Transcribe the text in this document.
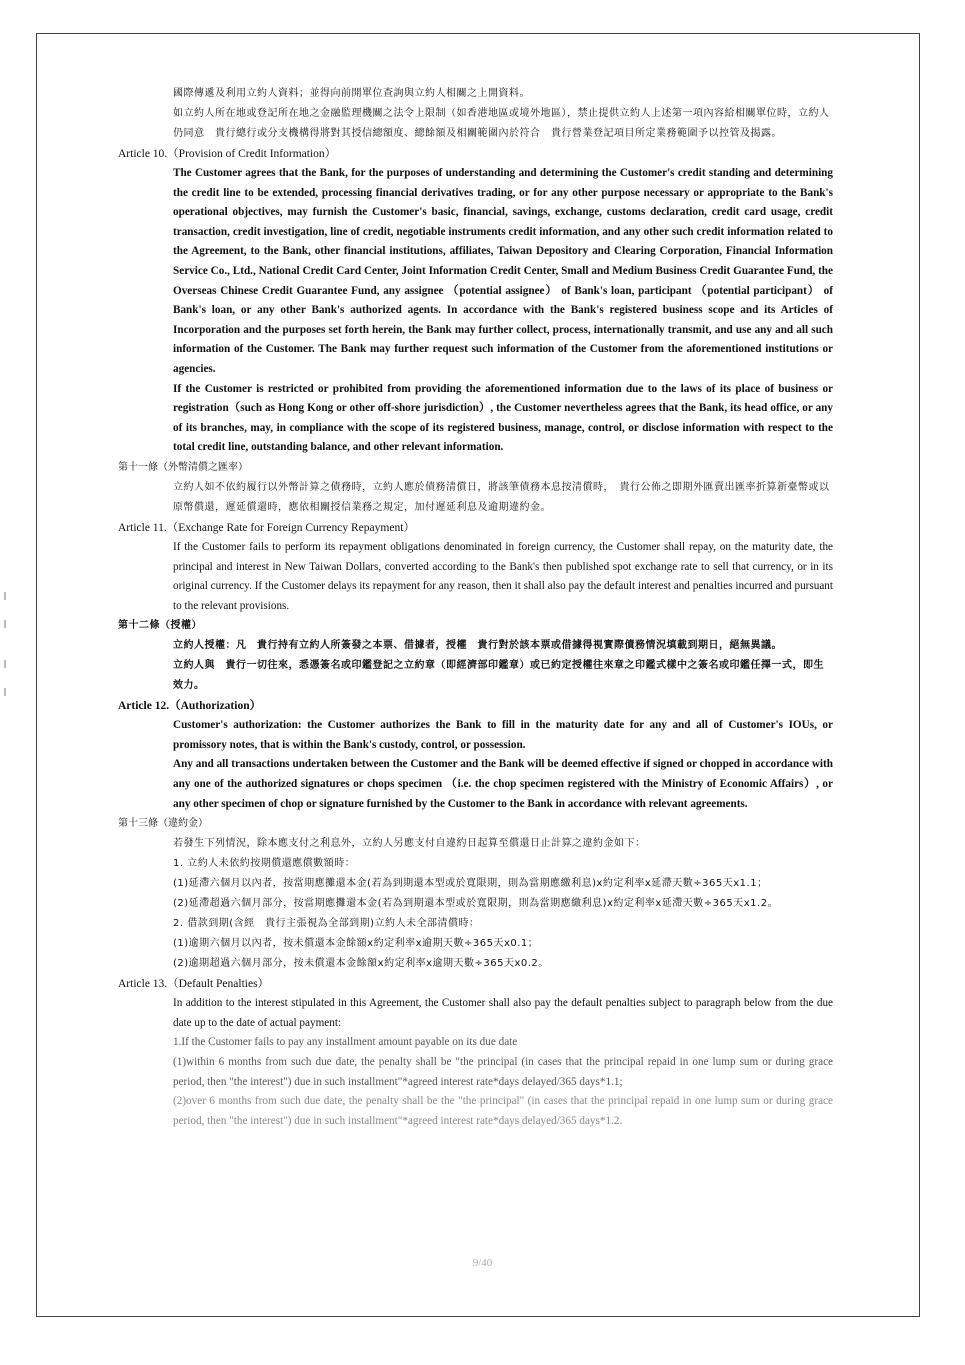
國際傳遞及利用立約人資料；並得向前開單位查詢與立約人相關之上開資料。

如立約人所在地或登記所在地之金融監理機關之法令上限制（如香港地區或境外地區），禁止提供立約人上述第一項內容給相關單位時，立約人仍同意　貴行總行或分支機構得將對其授信總額度、總餘額及相關範圍內於符合　貴行營業登記項目所定業務範圍予以控管及揭露。

Article 10.（Provision of Credit Information）

The Customer agrees that the Bank, for the purposes of understanding and determining the Customer's credit standing and determining the credit line to be extended, processing financial derivatives trading, or for any other purpose necessary or appropriate to the Bank's operational objectives, may furnish the Customer's basic, financial, savings, exchange, customs declaration, credit card usage, credit transaction, credit investigation, line of credit, negotiable instruments credit information, and any other such credit information related to the Agreement, to the Bank, other financial institutions, affiliates, Taiwan Depository and Clearing Corporation, Financial Information Service Co., Ltd., National Credit Card Center, Joint Information Credit Center, Small and Medium Business Credit Guarantee Fund, the Overseas Chinese Credit Guarantee Fund, any assignee （potential assignee） of Bank's loan, participant （potential participant） of Bank's loan, or any other Bank's authorized agents. In accordance with the Bank's registered business scope and its Articles of Incorporation and the purposes set forth herein, the Bank may further collect, process, internationally transmit, and use any and all such information of the Customer. The Bank may further request such information of the Customer from the aforementioned institutions or agencies.

If the Customer is restricted or prohibited from providing the aforementioned information due to the laws of its place of business or registration（such as Hong Kong or other off-shore jurisdiction）, the Customer nevertheless agrees that the Bank, its head office, or any of its branches, may, in compliance with the scope of its registered business, manage, control, or disclose information with respect to the total credit line, outstanding balance, and other relevant information.

第十一條（外幣清償之匯率）

立約人如不依約履行以外幣計算之債務時，立約人應於債務清償日，將該筆債務本息按清償時，　貴行公佈之即期外匯賣出匯率折算新臺幣或以原幣償還，遲延償還時，應依相關授信業務之規定，加付遲延利息及逾期違約金。

Article 11.（Exchange Rate for Foreign Currency Repayment）

If the Customer fails to perform its repayment obligations denominated in foreign currency, the Customer shall repay, on the maturity date, the principal and interest in New Taiwan Dollars, converted according to the Bank's then published spot exchange rate to sell that currency, or in its original currency. If the Customer delays its repayment for any reason, then it shall also pay the default interest and penalties incurred and pursuant to the relevant provisions.

第十二條（授權）

立約人授權：凡　貴行持有立約人所簽發之本票、借據者，授權　貴行對於該本票或借據得視實際債務情況填載到期日，絕無異議。

立約人與　貴行一切往來，悉憑簽名或印鑑登記之立約章（即經濟部印鑑章）或已約定授權往來章之印鑑式樣中之簽名或印鑑任擇一式，即生效力。

Article 12.（Authorization）

Customer's authorization: the Customer authorizes the Bank to fill in the maturity date for any and all of Customer's IOUs, or promissory notes, that is within the Bank's custody, control, or possession.

Any and all transactions undertaken between the Customer and the Bank will be deemed effective if signed or chopped in accordance with any one of the authorized signatures or chops specimen （i.e. the chop specimen registered with the Ministry of Economic Affairs）, or any other specimen of chop or signature furnished by the Customer to the Bank in accordance with relevant agreements.

第十三條（違約金）

若發生下列情況，除本應支付之利息外，立約人另應支付自違約日起算至償還日止計算之違約金如下：

1. 立約人未依約按期償還應償數額時：

(1)延滯六個月以內者，按當期應攤還本金(若為到期還本型或於寬限期，則為當期應繳利息)x約定利率x延滯天數÷365天x1.1；

(2)延滯超過六個月部分，按當期應攤還本金(若為到期還本型或於寬限期，則為當期應繳利息)x約定利率x延滯天數÷365天x1.2。

2. 借款到期(含經　貴行主張視為全部到期)立約人未全部清償時：

(1)逾期六個月以內者，按未償還本金餘額x約定利率x逾期天數÷365天x0.1；

(2)逾期超過六個月部分，按未償還本金餘額x約定利率x逾期天數÷365天x0.2。

Article 13.（Default Penalties）

In addition to the interest stipulated in this Agreement, the Customer shall also pay the default penalties subject to paragraph below from the due date up to the date of actual payment:

1.If the Customer fails to pay any installment amount payable on its due date

(1)within 6 months from such due date, the penalty shall be "the principal (in cases that the principal repaid in one lump sum or during grace period, then "the interest") due in such installment"*agreed interest rate*days delayed/365 days*1.1;

(2)over 6 months from such due date, the penalty shall be the "the principal" (in cases that the principal repaid in one lump sum or during grace period, then "the interest") due in such installment"*agreed interest rate*days delayed/365 days*1.2.

9/40
